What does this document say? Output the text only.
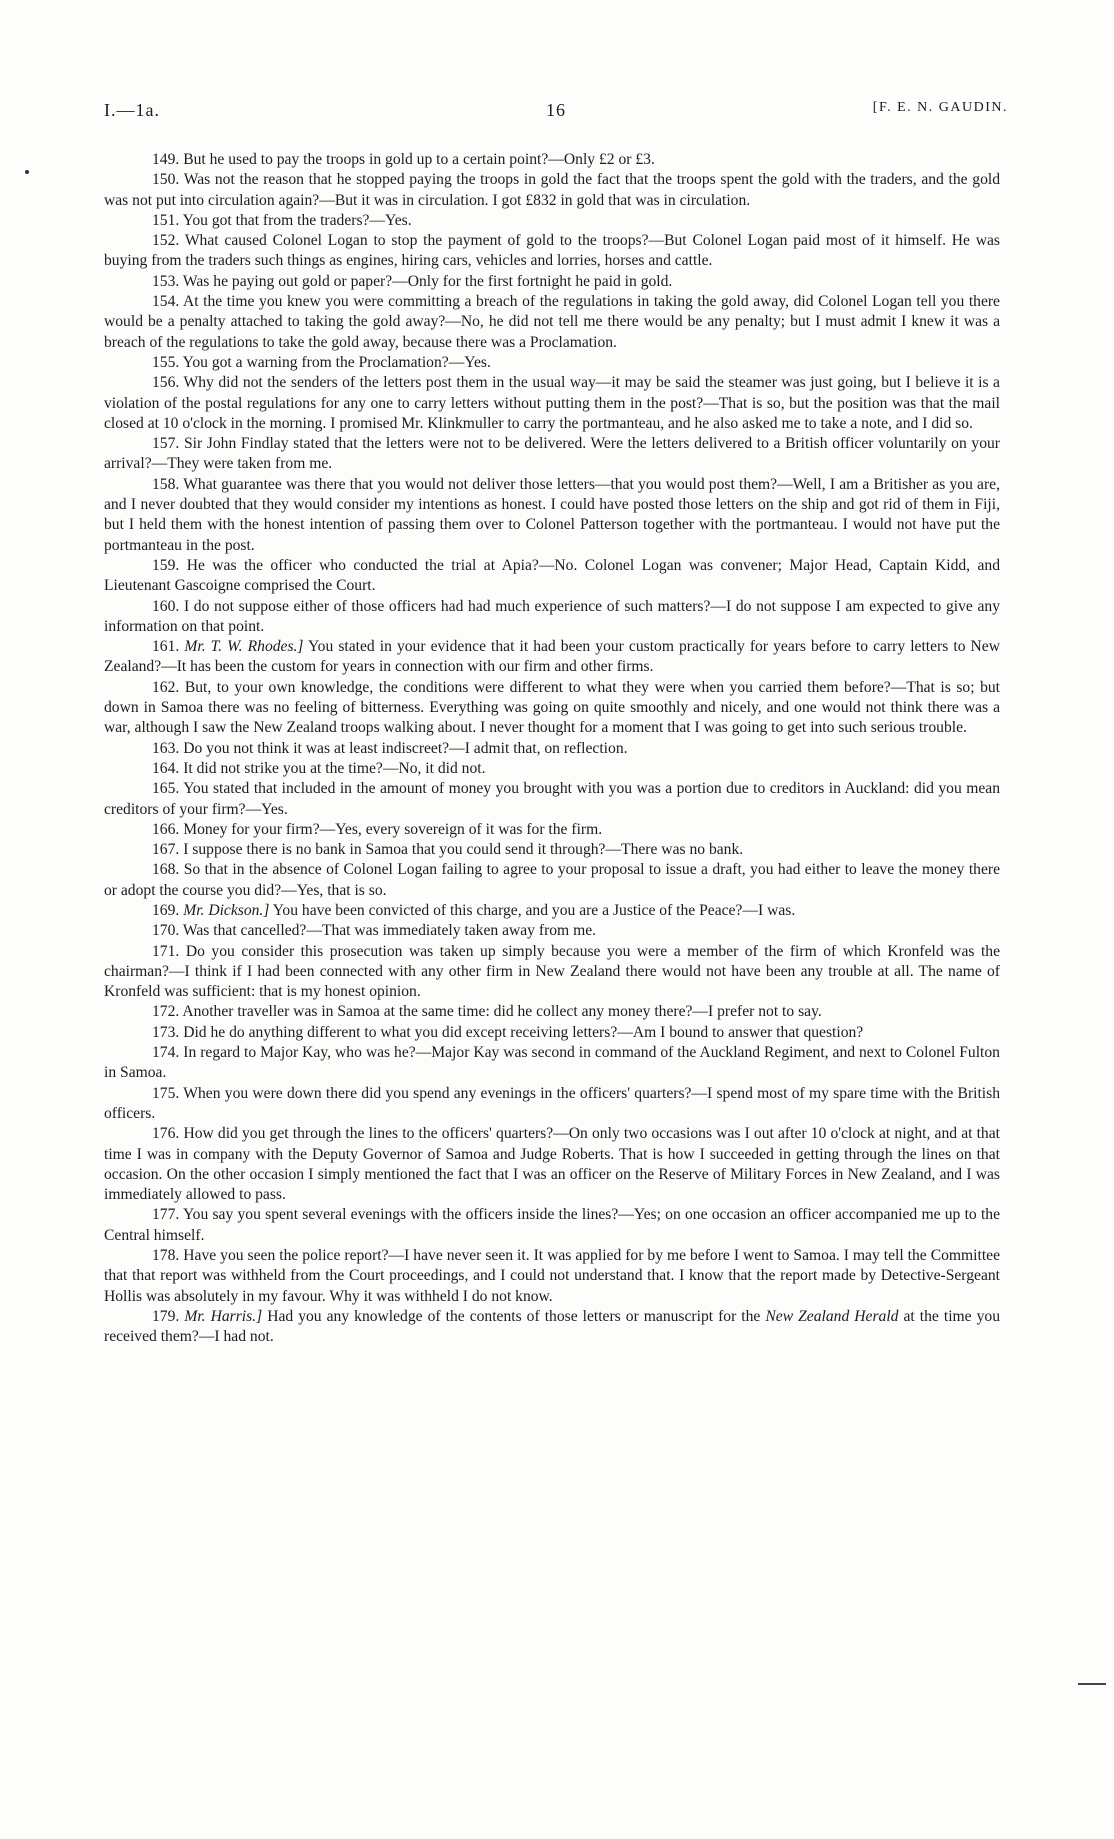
I.—1a.	16	[F. E. N. GAUDIN.

149. But he used to pay the troops in gold up to a certain point?—Only £2 or £3.

150. Was not the reason that he stopped paying the troops in gold the fact that the troops spent the gold with the traders, and the gold was not put into circulation again?—But it was in circulation. I got £832 in gold that was in circulation.

151. You got that from the traders?—Yes.

152. What caused Colonel Logan to stop the payment of gold to the troops?—But Colonel Logan paid most of it himself. He was buying from the traders such things as engines, hiring cars, vehicles and lorries, horses and cattle.

153. Was he paying out gold or paper?—Only for the first fortnight he paid in gold.

154. At the time you knew you were committing a breach of the regulations in taking the gold away, did Colonel Logan tell you there would be a penalty attached to taking the gold away?—No, he did not tell me there would be any penalty; but I must admit I knew it was a breach of the regulations to take the gold away, because there was a Proclamation.

155. You got a warning from the Proclamation?—Yes.

156. Why did not the senders of the letters post them in the usual way—it may be said the steamer was just going, but I believe it is a violation of the postal regulations for any one to carry letters without putting them in the post?—That is so, but the position was that the mail closed at 10 o'clock in the morning. I promised Mr. Klinkmuller to carry the portmanteau, and he also asked me to take a note, and I did so.

157. Sir John Findlay stated that the letters were not to be delivered. Were the letters delivered to a British officer voluntarily on your arrival?—They were taken from me.

158. What guarantee was there that you would not deliver those letters—that you would post them?—Well, I am a Britisher as you are, and I never doubted that they would consider my intentions as honest. I could have posted those letters on the ship and got rid of them in Fiji, but I held them with the honest intention of passing them over to Colonel Patterson together with the portmanteau. I would not have put the portmanteau in the post.

159. He was the officer who conducted the trial at Apia?—No. Colonel Logan was convener; Major Head, Captain Kidd, and Lieutenant Gascoigne comprised the Court.

160. I do not suppose either of those officers had had much experience of such matters?—I do not suppose I am expected to give any information on that point.

161. Mr. T. W. Rhodes.] You stated in your evidence that it had been your custom practically for years before to carry letters to New Zealand?—It has been the custom for years in connection with our firm and other firms.

162. But, to your own knowledge, the conditions were different to what they were when you carried them before?—That is so; but down in Samoa there was no feeling of bitterness. Everything was going on quite smoothly and nicely, and one would not think there was a war, although I saw the New Zealand troops walking about. I never thought for a moment that I was going to get into such serious trouble.

163. Do you not think it was at least indiscreet?—I admit that, on reflection.

164. It did not strike you at the time?—No, it did not.

165. You stated that included in the amount of money you brought with you was a portion due to creditors in Auckland: did you mean creditors of your firm?—Yes.

166. Money for your firm?—Yes, every sovereign of it was for the firm.

167. I suppose there is no bank in Samoa that you could send it through?—There was no bank.

168. So that in the absence of Colonel Logan failing to agree to your proposal to issue a draft, you had either to leave the money there or adopt the course you did?—Yes, that is so.

169. Mr. Dickson.] You have been convicted of this charge, and you are a Justice of the Peace?—I was.

170. Was that cancelled?—That was immediately taken away from me.

171. Do you consider this prosecution was taken up simply because you were a member of the firm of which Kronfeld was the chairman?—I think if I had been connected with any other firm in New Zealand there would not have been any trouble at all. The name of Kronfeld was sufficient: that is my honest opinion.

172. Another traveller was in Samoa at the same time: did he collect any money there?—I prefer not to say.

173. Did he do anything different to what you did except receiving letters?—Am I bound to answer that question?

174. In regard to Major Kay, who was he?—Major Kay was second in command of the Auckland Regiment, and next to Colonel Fulton in Samoa.

175. When you were down there did you spend any evenings in the officers' quarters?—I spend most of my spare time with the British officers.

176. How did you get through the lines to the officers' quarters?—On only two occasions was I out after 10 o'clock at night, and at that time I was in company with the Deputy Governor of Samoa and Judge Roberts. That is how I succeeded in getting through the lines on that occasion. On the other occasion I simply mentioned the fact that I was an officer on the Reserve of Military Forces in New Zealand, and I was immediately allowed to pass.

177. You say you spent several evenings with the officers inside the lines?—Yes; on one occasion an officer accompanied me up to the Central himself.

178. Have you seen the police report?—I have never seen it. It was applied for by me before I went to Samoa. I may tell the Committee that that report was withheld from the Court proceedings, and I could not understand that. I know that the report made by Detective-Sergeant Hollis was absolutely in my favour. Why it was withheld I do not know.

179. Mr. Harris.] Had you any knowledge of the contents of those letters or manuscript for the New Zealand Herald at the time you received them?—I had not.
